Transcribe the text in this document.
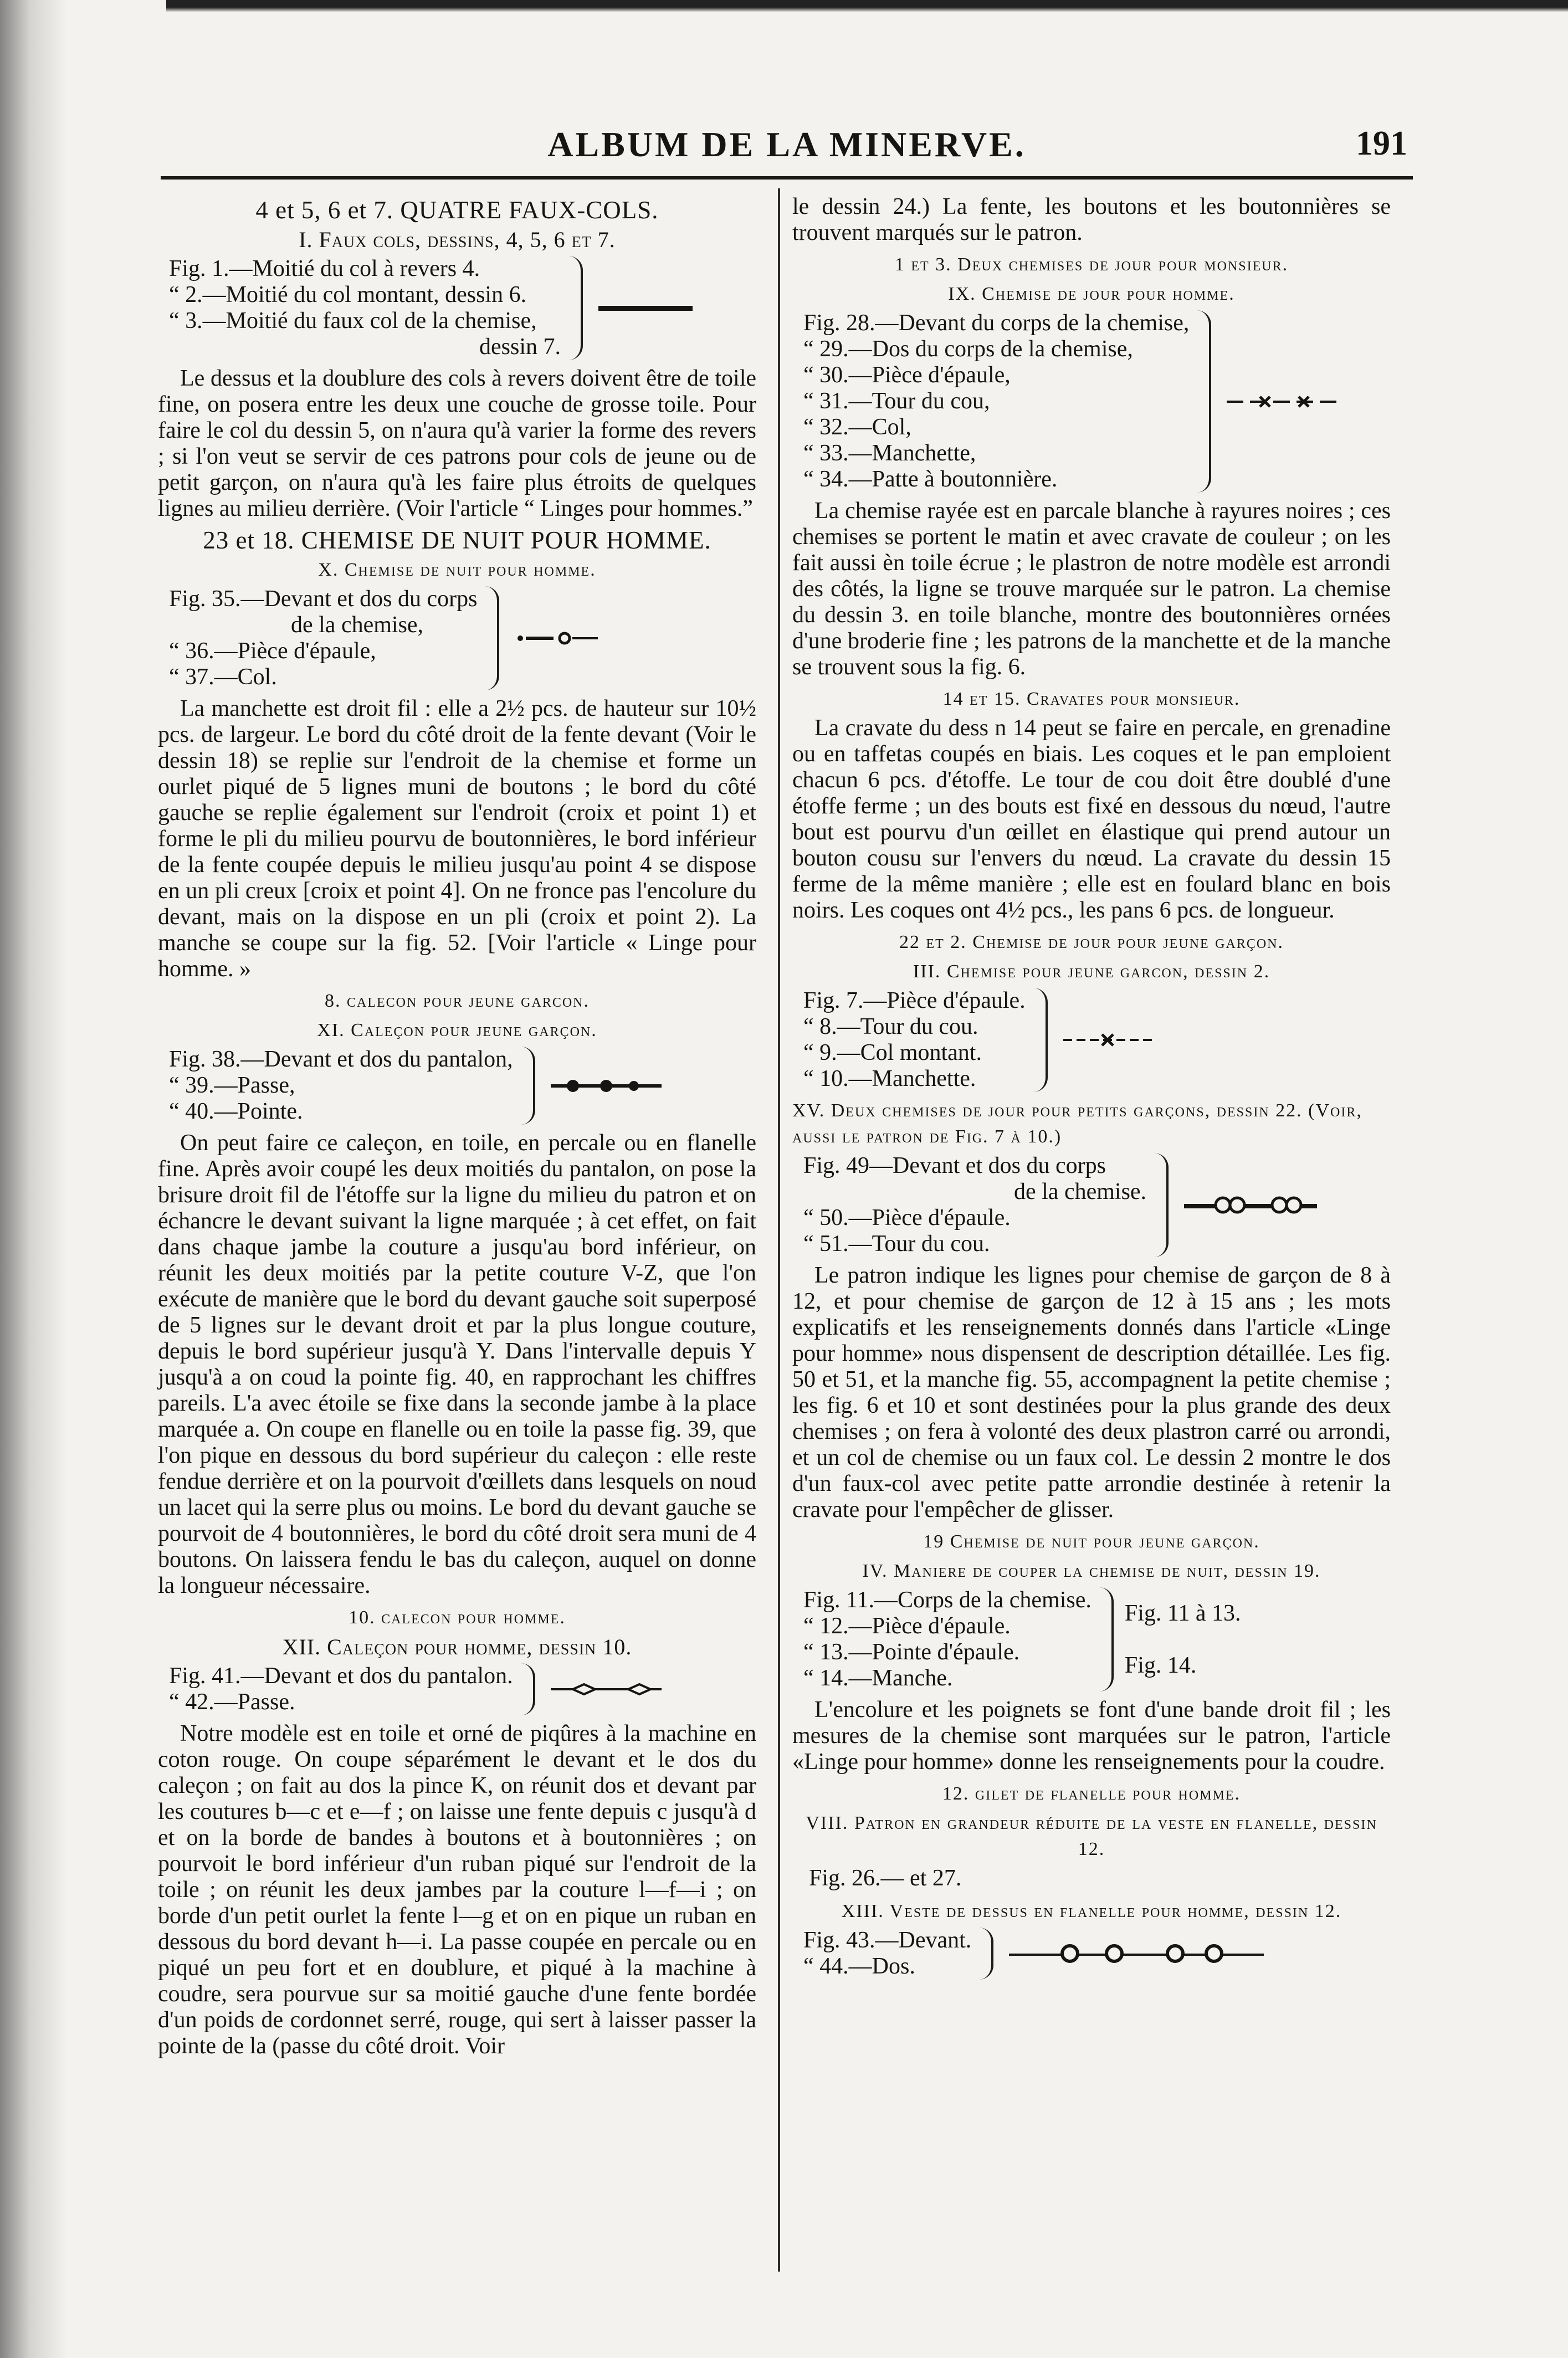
ALBUM DE LA MINERVE.	191
4 et 5, 6 et 7. QUATRE FAUX-COLS.
I. Faux cols, dessins, 4, 5, 6 et 7.
Fig. 1.—Moitié du col à revers 4.
“ 2.—Moitié du col montant, dessin 6.
“ 3.—Moitié du faux col de la chemise,
dessin 7.

Le dessus et la doublure des cols à revers doivent être de toile fine, on posera entre les deux une couche de grosse toile. Pour faire le col du dessin 5, on n'aura qu'à varier la forme des revers ; si l'on veut se servir de ces patrons pour cols de jeune ou de petit garçon, on n'aura qu'à les faire plus étroits de quelques lignes au milieu derrière. (Voir l'article “ Linges pour hommes.”

23 et 18. CHEMISE DE NUIT POUR HOMME.
X. Chemise de nuit pour homme.
Fig. 35.—Devant et dos du corps
de la chemise,
“ 36.—Pièce d'épaule,
“ 37.—Col.

La manchette est droit fil : elle a 2½ pcs. de hauteur sur 10½ pcs. de largeur. Le bord du côté droit de la fente devant (Voir le dessin 18) se replie sur l'endroit de la chemise et forme un ourlet piqué de 5 lignes muni de boutons ; le bord du côté gauche se replie également sur l'endroit (croix et point 1) et forme le pli du milieu pourvu de boutonnières, le bord inférieur de la fente coupée depuis le milieu jusqu'au point 4 se dispose en un pli creux [croix et point 4]. On ne fronce pas l'encolure du devant, mais on la dispose en un pli (croix et point 2). La manche se coupe sur la fig. 52. [Voir l'article « Linge pour homme. »

8. calecon pour jeune garcon.
XI. Caleçon pour jeune garçon.
Fig. 38.—Devant et dos du pantalon,
“ 39.—Passe,
“ 40.—Pointe.

On peut faire ce caleçon, en toile, en percale ou en flanelle fine. Après avoir coupé les deux moitiés du pantalon, on pose la brisure droit fil de l'étoffe sur la ligne du milieu du patron et on échancre le devant suivant la ligne marquée ; à cet effet, on fait dans chaque jambe la couture a jusqu'au bord inférieur, on réunit les deux moitiés par la petite couture V-Z, que l'on exécute de manière que le bord du devant gauche soit superposé de 5 lignes sur le devant droit et par la plus longue couture, depuis le bord supérieur jusqu'à Y. Dans l'intervalle depuis Y jusqu'à a on coud la pointe fig. 40, en rapprochant les chiffres pareils. L'a avec étoile se fixe dans la seconde jambe à la place marquée a. On coupe en flanelle ou en toile la passe fig. 39, que l'on pique en dessous du bord supérieur du caleçon : elle reste fendue derrière et on la pourvoit d'œillets dans lesquels on noud un lacet qui la serre plus ou moins. Le bord du devant gauche se pourvoit de 4 boutonnières, le bord du côté droit sera muni de 4 boutons. On laissera fendu le bas du caleçon, auquel on donne la longueur nécessaire.

10. calecon pour homme.
XII. Caleçon pour homme, dessin 10.
Fig. 41.—Devant et dos du pantalon.
“ 42.—Passe.

Notre modèle est en toile et orné de piqûres à la machine en coton rouge. On coupe séparément le devant et le dos du caleçon ; on fait au dos la pince K, on réunit dos et devant par les coutures b—c et e—f ; on laisse une fente depuis c jusqu'à d et on la borde de bandes à boutons et à boutonnières ; on pourvoit le bord inférieur d'un ruban piqué sur l'endroit de la toile ; on réunit les deux jambes par la couture l—f—i ; on borde d'un petit ourlet la fente l—g et on en pique un ruban en dessous du bord devant h—i. La passe coupée en percale ou en piqué un peu fort et en doublure, et piqué à la machine à coudre, sera pourvue sur sa moitié gauche d'une fente bordée d'un poids de cordonnet serré, rouge, qui sert à laisser passer la pointe de la (passe du côté droit. Voir

le dessin 24.) La fente, les boutons et les boutonnières se trouvent marqués sur le patron.

1 et 3. Deux chemises de jour pour monsieur.
IX. Chemise de jour pour homme.
Fig. 28.—Devant du corps de la chemise,
“ 29.—Dos du corps de la chemise,
“ 30.—Pièce d'épaule,
“ 31.—Tour du cou,
“ 32.—Col,
“ 33.—Manchette,
“ 34.—Patte à boutonnière.

La chemise rayée est en parcale blanche à rayures noires ; ces chemises se portent le matin et avec cravate de couleur ; on les fait aussi èn toile écrue ; le plastron de notre modèle est arrondi des côtés, la ligne se trouve marquée sur le patron. La chemise du dessin 3. en toile blanche, montre des boutonnières ornées d'une broderie fine ; les patrons de la manchette et de la manche se trouvent sous la fig. 6.

14 et 15. Cravates pour monsieur.

La cravate du dess n 14 peut se faire en percale, en grenadine ou en taffetas coupés en biais. Les coques et le pan emploient chacun 6 pcs. d'étoffe. Le tour de cou doit être doublé d'une étoffe ferme ; un des bouts est fixé en dessous du nœud, l'autre bout est pourvu d'un œillet en élastique qui prend autour un bouton cousu sur l'envers du nœud. La cravate du dessin 15 ferme de la même manière ; elle est en foulard blanc en bois noirs. Les coques ont 4½ pcs., les pans 6 pcs. de longueur.

22 et 2. Chemise de jour pour jeune garçon.
III. Chemise pour jeune garcon, dessin 2.
Fig. 7.—Pièce d'épaule.
“ 8.—Tour du cou.
“ 9.—Col montant.
“ 10.—Manchette.
XV. Deux chemises de jour pour petits garçons, dessin 22. (Voir, aussi le patron de Fig. 7 à 10.)
Fig. 49—Devant et dos du corps
de la chemise.
“ 50.—Pièce d'épaule.
“ 51.—Tour du cou.

Le patron indique les lignes pour chemise de garçon de 8 à 12, et pour chemise de garçon de 12 à 15 ans ; les mots explicatifs et les renseignements donnés dans l'article «Linge pour homme» nous dispensent de description détaillée. Les fig. 50 et 51, et la manche fig. 55, accompagnent la petite chemise ; les fig. 6 et 10 et sont destinées pour la plus grande des deux chemises ; on fera à volonté des deux plastron carré ou arrondi, et un col de chemise ou un faux col. Le dessin 2 montre le dos d'un faux-col avec petite patte arrondie destinée à retenir la cravate pour l'empêcher de glisser.

19 Chemise de nuit pour jeune garçon.
IV. Maniere de couper la chemise de nuit, dessin 19.
Fig. 11.—Corps de la chemise.
“ 12.—Pièce d'épaule.
“ 13.—Pointe d'épaule.
“ 14.—Manche.
Fig. 11 à 13.
Fig. 14.

L'encolure et les poignets se font d'une bande droit fil ; les mesures de la chemise sont marquées sur le patron, l'article «Linge pour homme» donne les renseignements pour la coudre.

12. gilet de flanelle pour homme.
VIII. Patron en grandeur réduite de la veste en flanelle, dessin 12.
Fig. 26.— et 27.
XIII. Veste de dessus en flanelle pour homme, dessin 12.
Fig. 43.—Devant.
“ 44.—Dos.
